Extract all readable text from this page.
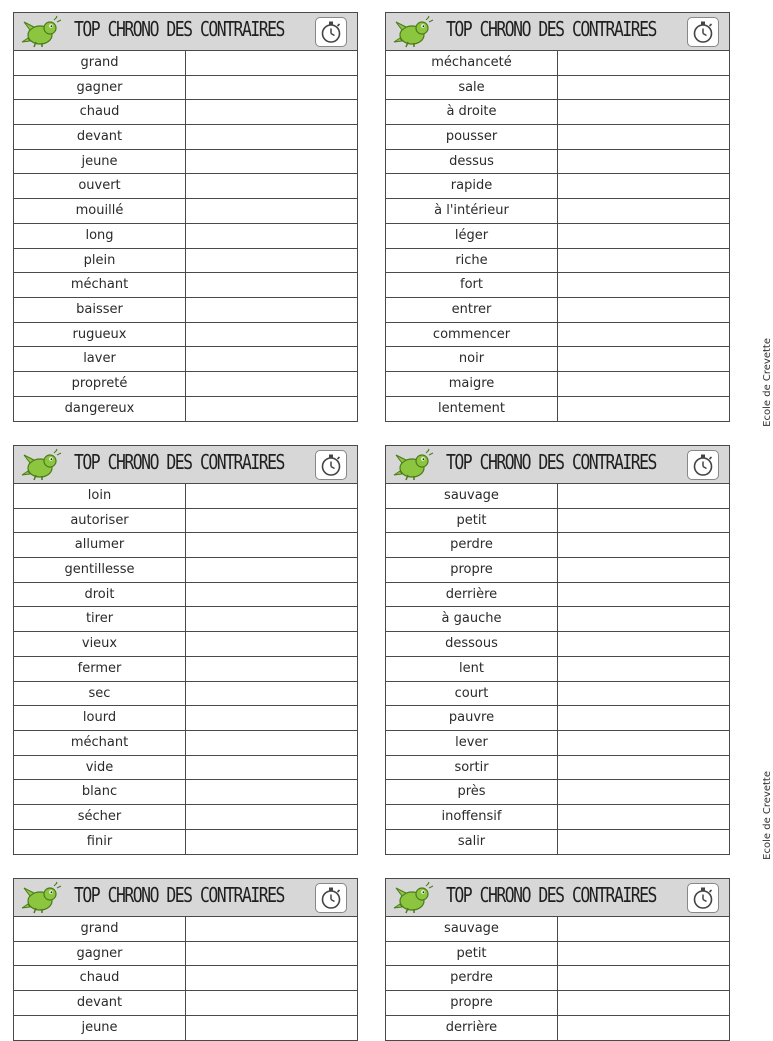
TOP CHRONO DES CONTRAIRES
grand
gagner
chaud
devant
jeune
ouvert
mouillé
long
plein
méchant
baisser
rugueux
laver
propreté
dangereux
TOP CHRONO DES CONTRAIRES
méchanceté
sale
à droite
pousser
dessus
rapide
à l'intérieur
léger
riche
fort
entrer
commencer
noir
maigre
lentement
TOP CHRONO DES CONTRAIRES
loin
autoriser
allumer
gentillesse
droit
tirer
vieux
fermer
sec
lourd
méchant
vide
blanc
sécher
finir
TOP CHRONO DES CONTRAIRES
sauvage
petit
perdre
propre
derrière
à gauche
dessous
lent
court
pauvre
lever
sortir
près
inoffensif
salir
TOP CHRONO DES CONTRAIRES
grand
gagner
chaud
devant
jeune
TOP CHRONO DES CONTRAIRES
sauvage
petit
perdre
propre
derrière
Ecole de Crevette
Ecole de Crevette
